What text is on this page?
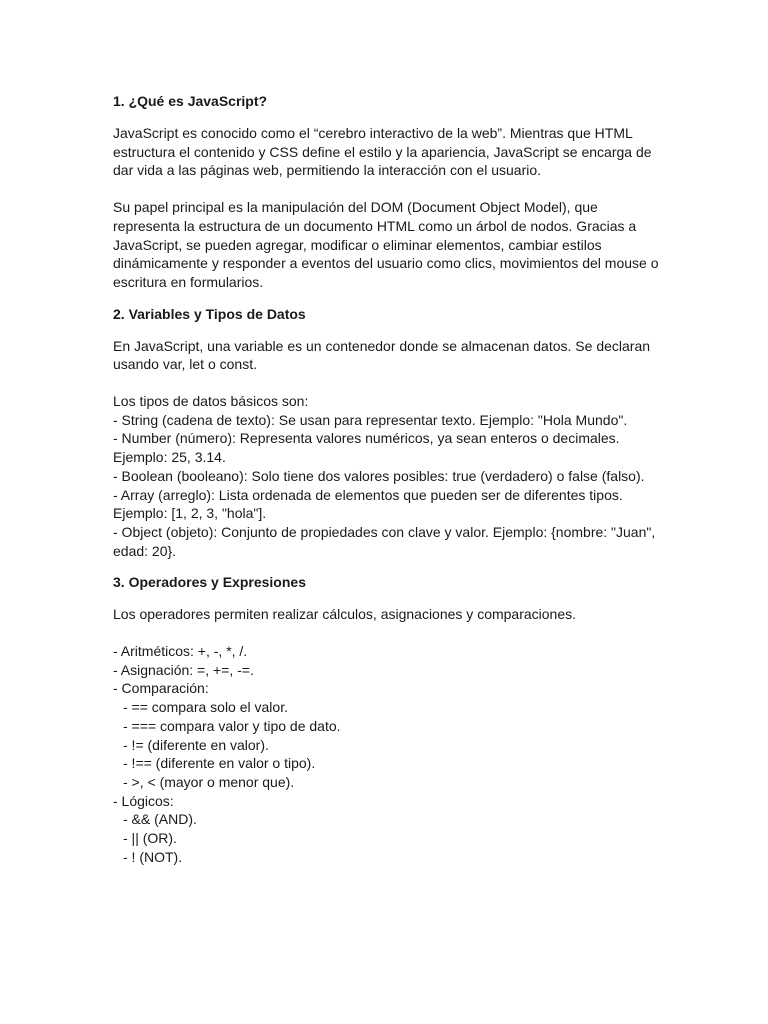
1. ¿Qué es JavaScript?

JavaScript es conocido como el “cerebro interactivo de la web”. Mientras que HTML
estructura el contenido y CSS define el estilo y la apariencia, JavaScript se encarga de
dar vida a las páginas web, permitiendo la interacción con el usuario.

Su papel principal es la manipulación del DOM (Document Object Model), que
representa la estructura de un documento HTML como un árbol de nodos. Gracias a
JavaScript, se pueden agregar, modificar o eliminar elementos, cambiar estilos
dinámicamente y responder a eventos del usuario como clics, movimientos del mouse o
escritura en formularios.

2. Variables y Tipos de Datos

En JavaScript, una variable es un contenedor donde se almacenan datos. Se declaran
usando var, let o const.

Los tipos de datos básicos son:
- String (cadena de texto): Se usan para representar texto. Ejemplo: "Hola Mundo".
- Number (número): Representa valores numéricos, ya sean enteros o decimales.
Ejemplo: 25, 3.14.
- Boolean (booleano): Solo tiene dos valores posibles: true (verdadero) o false (falso).
- Array (arreglo): Lista ordenada de elementos que pueden ser de diferentes tipos.
Ejemplo: [1, 2, 3, "hola"].
- Object (objeto): Conjunto de propiedades con clave y valor. Ejemplo: {nombre: "Juan",
edad: 20}.

3. Operadores y Expresiones

Los operadores permiten realizar cálculos, asignaciones y comparaciones.

- Aritméticos: +, -, *, /.
- Asignación: =, +=, -=.
- Comparación:
- == compara solo el valor.
- === compara valor y tipo de dato.
- != (diferente en valor).
- !== (diferente en valor o tipo).
- >, < (mayor o menor que).
- Lógicos:
- && (AND).
- || (OR).
- ! (NOT).
